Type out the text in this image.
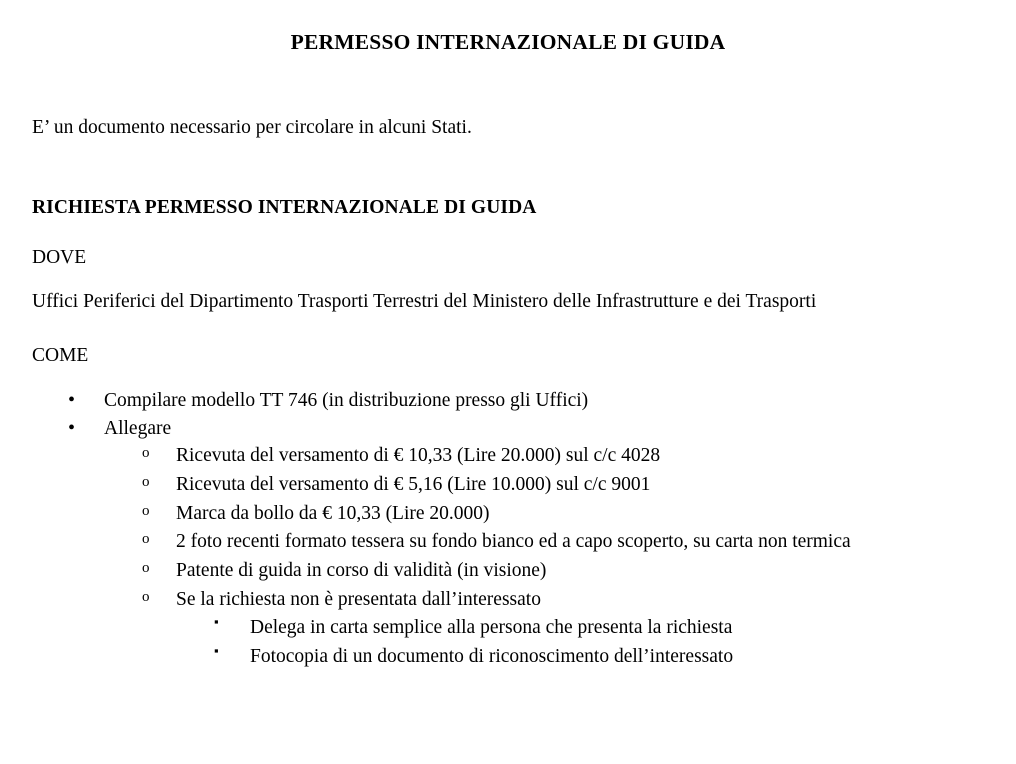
PERMESSO INTERNAZIONALE DI GUIDA

E’ un documento necessario per circolare in alcuni Stati.

RICHIESTA PERMESSO INTERNAZIONALE DI GUIDA

DOVE

Uffici Periferici del Dipartimento Trasporti Terrestri del Ministero delle Infrastrutture e dei Trasporti

COME

• Compilare modello TT 746 (in distribuzione presso gli Uffici)
• Allegare
o Ricevuta del versamento di € 10,33 (Lire 20.000) sul c/c 4028
o Ricevuta del versamento di € 5,16 (Lire 10.000) sul c/c 9001
o Marca da bollo da € 10,33 (Lire 20.000)
o 2 foto recenti formato tessera su fondo bianco ed a capo scoperto, su carta non termica
o Patente di guida in corso di validità (in visione)
o Se la richiesta non è presentata dall’interessato
▪ Delega in carta semplice alla persona che presenta la richiesta
▪ Fotocopia di un documento di riconoscimento dell’interessato
